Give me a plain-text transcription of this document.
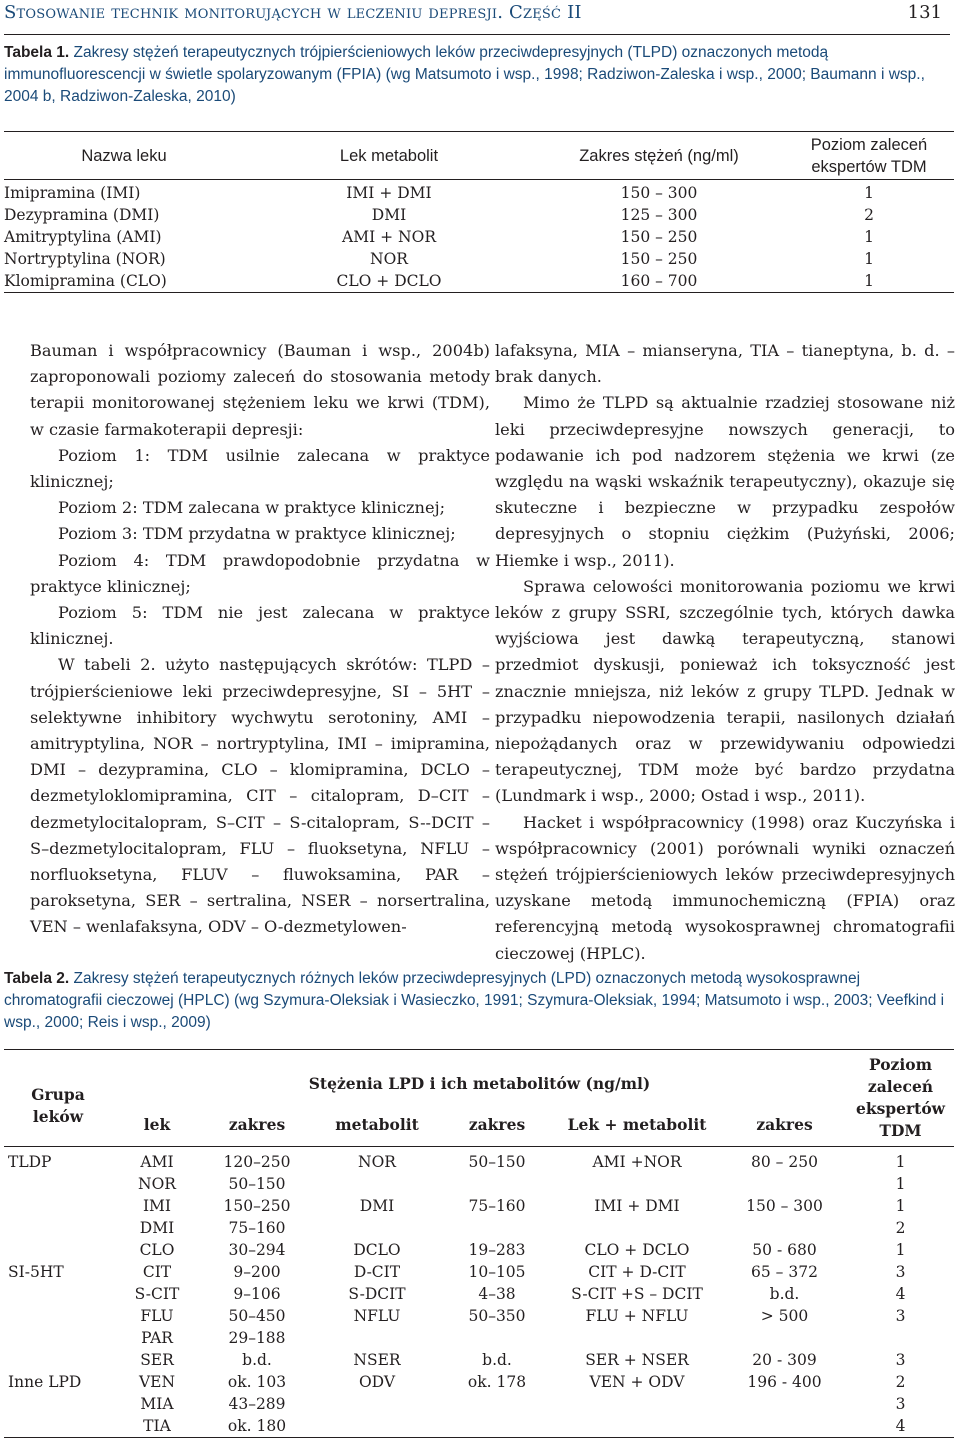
Stosowanie technik monitorujących w leczeniu depresji. Część II	131
Tabela 1. Zakresy stężeń terapeutycznych trójpierścieniowych leków przeciwdepresyjnych (TLPD) oznaczonych metodą immunofluorescencji w świetle spolaryzowanym (FPIA) (wg Matsumoto i wsp., 1998; Radziwon-Zaleska i wsp., 2000; Baumann i wsp., 2004 b, Radziwon-Zaleska, 2010)
Nazwa leku	Lek metabolit	Zakres stężeń (ng/ml)	Poziom zaleceń ekspertów TDM
Imipramina (IMI)	IMI + DMI	150 – 300	1
Dezypramina (DMI)	DMI	125 – 300	2
Amitryptylina (AMI)	AMI + NOR	150 – 250	1
Nortryptylina (NOR)	NOR	150 – 250	1
Klomipramina (CLO)	CLO + DCLO	160 – 700	1

Bauman i współpracownicy (Bauman i wsp., 2004b) zaproponowali poziomy zaleceń do stosowania metody terapii monitorowanej stężeniem leku we krwi (TDM), w czasie farmakoterapii depresji:

Poziom 1: TDM usilnie zalecana w praktyce klinicznej;

Poziom 2: TDM zalecana w praktyce klinicznej;

Poziom 3: TDM przydatna w praktyce klinicznej;

Poziom 4: TDM prawdopodobnie przydatna w praktyce klinicznej;

Poziom 5: TDM nie jest zalecana w praktyce klinicznej.

W tabeli 2. użyto następujących skrótów: TLPD – trójpierścieniowe leki przeciwdepresyjne, SI – 5HT – selektywne inhibitory wychwytu serotoniny, AMI – amitryptylina, NOR – nortryptylina, IMI – imipramina, DMI – dezypramina, CLO – klomipramina, DCLO – dezmetyloklomipramina, CIT – citalopram, D–CIT – dezmetylocitalopram, S–CIT – S-citalopram, S--DCIT – S–dezmetylocitalopram, FLU – fluoksetyna, NFLU – norfluoksetyna, FLUV – fluwoksamina, PAR – paroksetyna, SER – sertralina, NSER – norsertralina, VEN – wenlafaksyna, ODV – O-dezmetylowen-

lafaksyna, MIA – mianseryna, TIA – tianeptyna, b. d. – brak danych.

Mimo że TLPD są aktualnie rzadziej stosowane niż leki przeciwdepresyjne nowszych generacji, to podawanie ich pod nadzorem stężenia we krwi (ze względu na wąski wskaźnik terapeutyczny), okazuje się skuteczne i bezpieczne w przypadku zespołów depresyjnych o stopniu ciężkim (Pużyński, 2006; Hiemke i wsp., 2011).

Sprawa celowości monitorowania poziomu we krwi leków z grupy SSRI, szczególnie tych, których dawka wyjściowa jest dawką terapeutyczną, stanowi przedmiot dyskusji, ponieważ ich toksyczność jest znacznie mniejsza, niż leków z grupy TLPD. Jednak w przypadku niepowodzenia terapii, nasilonych działań niepożądanych oraz w przewidywaniu odpowiedzi terapeutycznej, TDM może być bardzo przydatna (Lundmark i wsp., 2000; Ostad i wsp., 2011).

Hacket i współpracownicy (1998) oraz Kuczyńska i współpracownicy (2001) porównali wyniki oznaczeń stężeń trójpierścieniowych leków przeciwdepresyjnych uzyskane metodą immunochemiczną (FPIA) oraz referencyjną metodą wysokosprawnej chromatografii cieczowej (HPLC).

Tabela 2. Zakresy stężeń terapeutycznych różnych leków przeciwdepresyjnych (LPD) oznaczonych metodą wysokosprawnej chromatografii cieczowej (HPLC) (wg Szymura-Oleksiak i Wasieczko, 1991; Szymura-Oleksiak, 1994; Matsumoto i wsp., 2003; Veefkind i wsp., 2000; Reis i wsp., 2009)
Grupa leków	Stężenia LPD i ich metabolitów (ng/ml)						Poziom zaleceń ekspertów TDM
	lek	zakres	metabolit	zakres	Lek + metabolit	zakres	
TLDP	AMI	120–250	NOR	50–150	AMI +NOR	80 – 250	1
	NOR	50–150					1
	IMI	150–250	DMI	75–160	IMI + DMI	150 – 300	1
	DMI	75–160					2
	CLO	30–294	DCLO	19–283	CLO + DCLO	50 - 680	1
SI-5HT	CIT	9–200	D-CIT	10–105	CIT + D-CIT	65 – 372	3
	S-CIT	9–106	S-DCIT	4–38	S-CIT +S – DCIT	b.d.	4
	FLU	50–450	NFLU	50–350	FLU + NFLU	> 500	3
	PAR	29–188					
	SER	b.d.	NSER	b.d.	SER + NSER	20 - 309	3
Inne LPD	VEN	ok. 103	ODV	ok. 178	VEN + ODV	196 - 400	2
	MIA	43–289					3
	TIA	ok. 180					4
